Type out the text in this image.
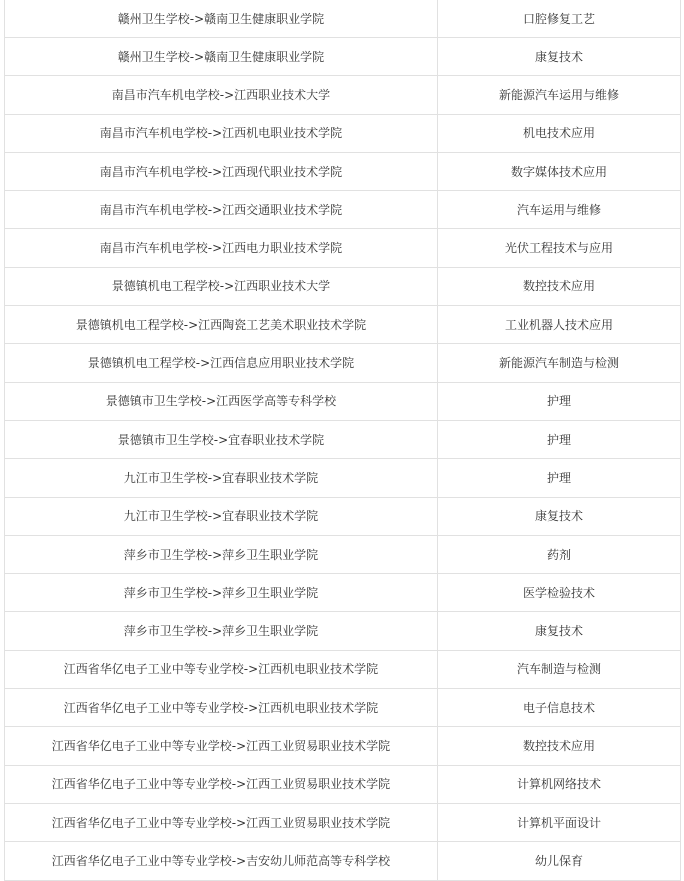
赣州卫生学校->赣南卫生健康职业学院	口腔修复工艺
赣州卫生学校->赣南卫生健康职业学院	康复技术
南昌市汽车机电学校->江西职业技术大学	新能源汽车运用与维修
南昌市汽车机电学校->江西机电职业技术学院	机电技术应用
南昌市汽车机电学校->江西现代职业技术学院	数字媒体技术应用
南昌市汽车机电学校->江西交通职业技术学院	汽车运用与维修
南昌市汽车机电学校->江西电力职业技术学院	光伏工程技术与应用
景德镇机电工程学校->江西职业技术大学	数控技术应用
景德镇机电工程学校->江西陶瓷工艺美术职业技术学院	工业机器人技术应用
景德镇机电工程学校->江西信息应用职业技术学院	新能源汽车制造与检测
景德镇市卫生学校->江西医学高等专科学校	护理
景德镇市卫生学校->宜春职业技术学院	护理
九江市卫生学校->宜春职业技术学院	护理
九江市卫生学校->宜春职业技术学院	康复技术
萍乡市卫生学校->萍乡卫生职业学院	药剂
萍乡市卫生学校->萍乡卫生职业学院	医学检验技术
萍乡市卫生学校->萍乡卫生职业学院	康复技术
江西省华亿电子工业中等专业学校->江西机电职业技术学院	汽车制造与检测
江西省华亿电子工业中等专业学校->江西机电职业技术学院	电子信息技术
江西省华亿电子工业中等专业学校->江西工业贸易职业技术学院	数控技术应用
江西省华亿电子工业中等专业学校->江西工业贸易职业技术学院	计算机网络技术
江西省华亿电子工业中等专业学校->江西工业贸易职业技术学院	计算机平面设计
江西省华亿电子工业中等专业学校->吉安幼儿师范高等专科学校	幼儿保育
